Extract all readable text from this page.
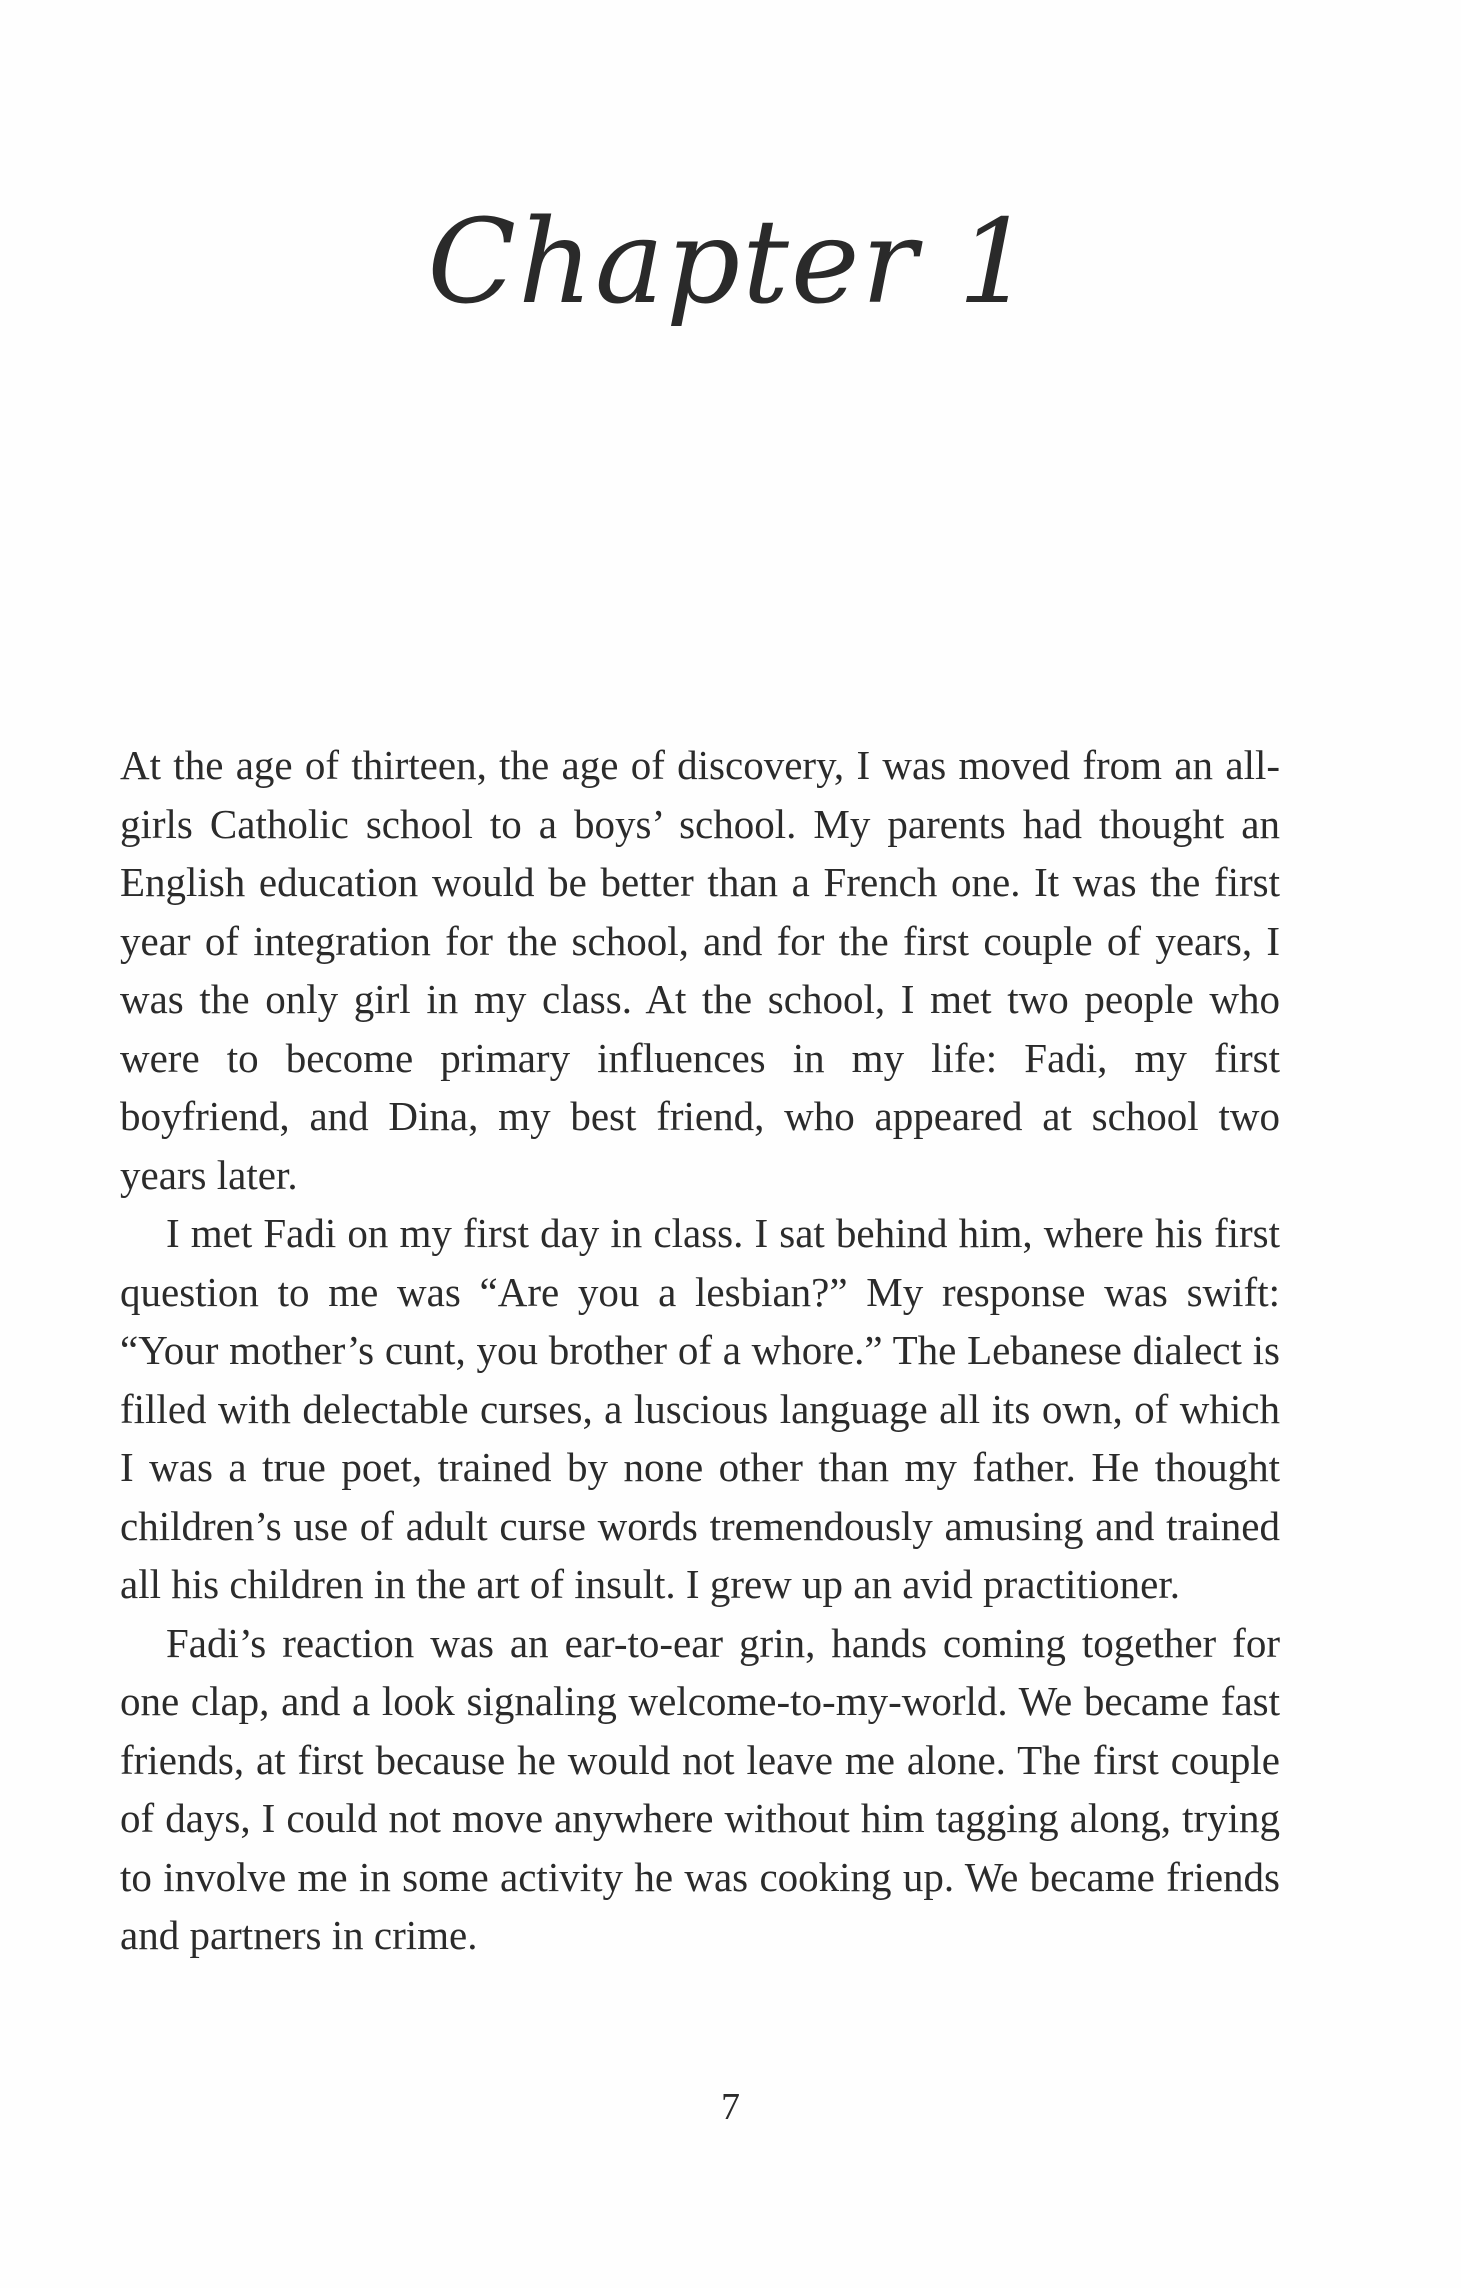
Chapter 1

At the age of thirteen, the age of discovery, I was moved from an all-girls Catholic school to a boys’ school. My parents had thought an English education would be better than a French one. It was the first year of integration for the school, and for the first couple of years, I was the only girl in my class. At the school, I met two people who were to become primary influences in my life: Fadi, my first boyfriend, and Dina, my best friend, who appeared at school two years later.

I met Fadi on my first day in class. I sat behind him, where his first question to me was “Are you a lesbian?” My response was swift: “Your mother’s cunt, you brother of a whore.” The Lebanese dialect is filled with delectable curses, a luscious language all its own, of which I was a true poet, trained by none other than my father. He thought children’s use of adult curse words tremendously amusing and trained all his children in the art of insult. I grew up an avid practitioner.

Fadi’s reaction was an ear-to-ear grin, hands coming together for one clap, and a look signaling welcome-to-my-world. We became fast friends, at first because he would not leave me alone. The first couple of days, I could not move anywhere without him tagging along, trying to involve me in some activity he was cooking up. We became friends and partners in crime.

7
